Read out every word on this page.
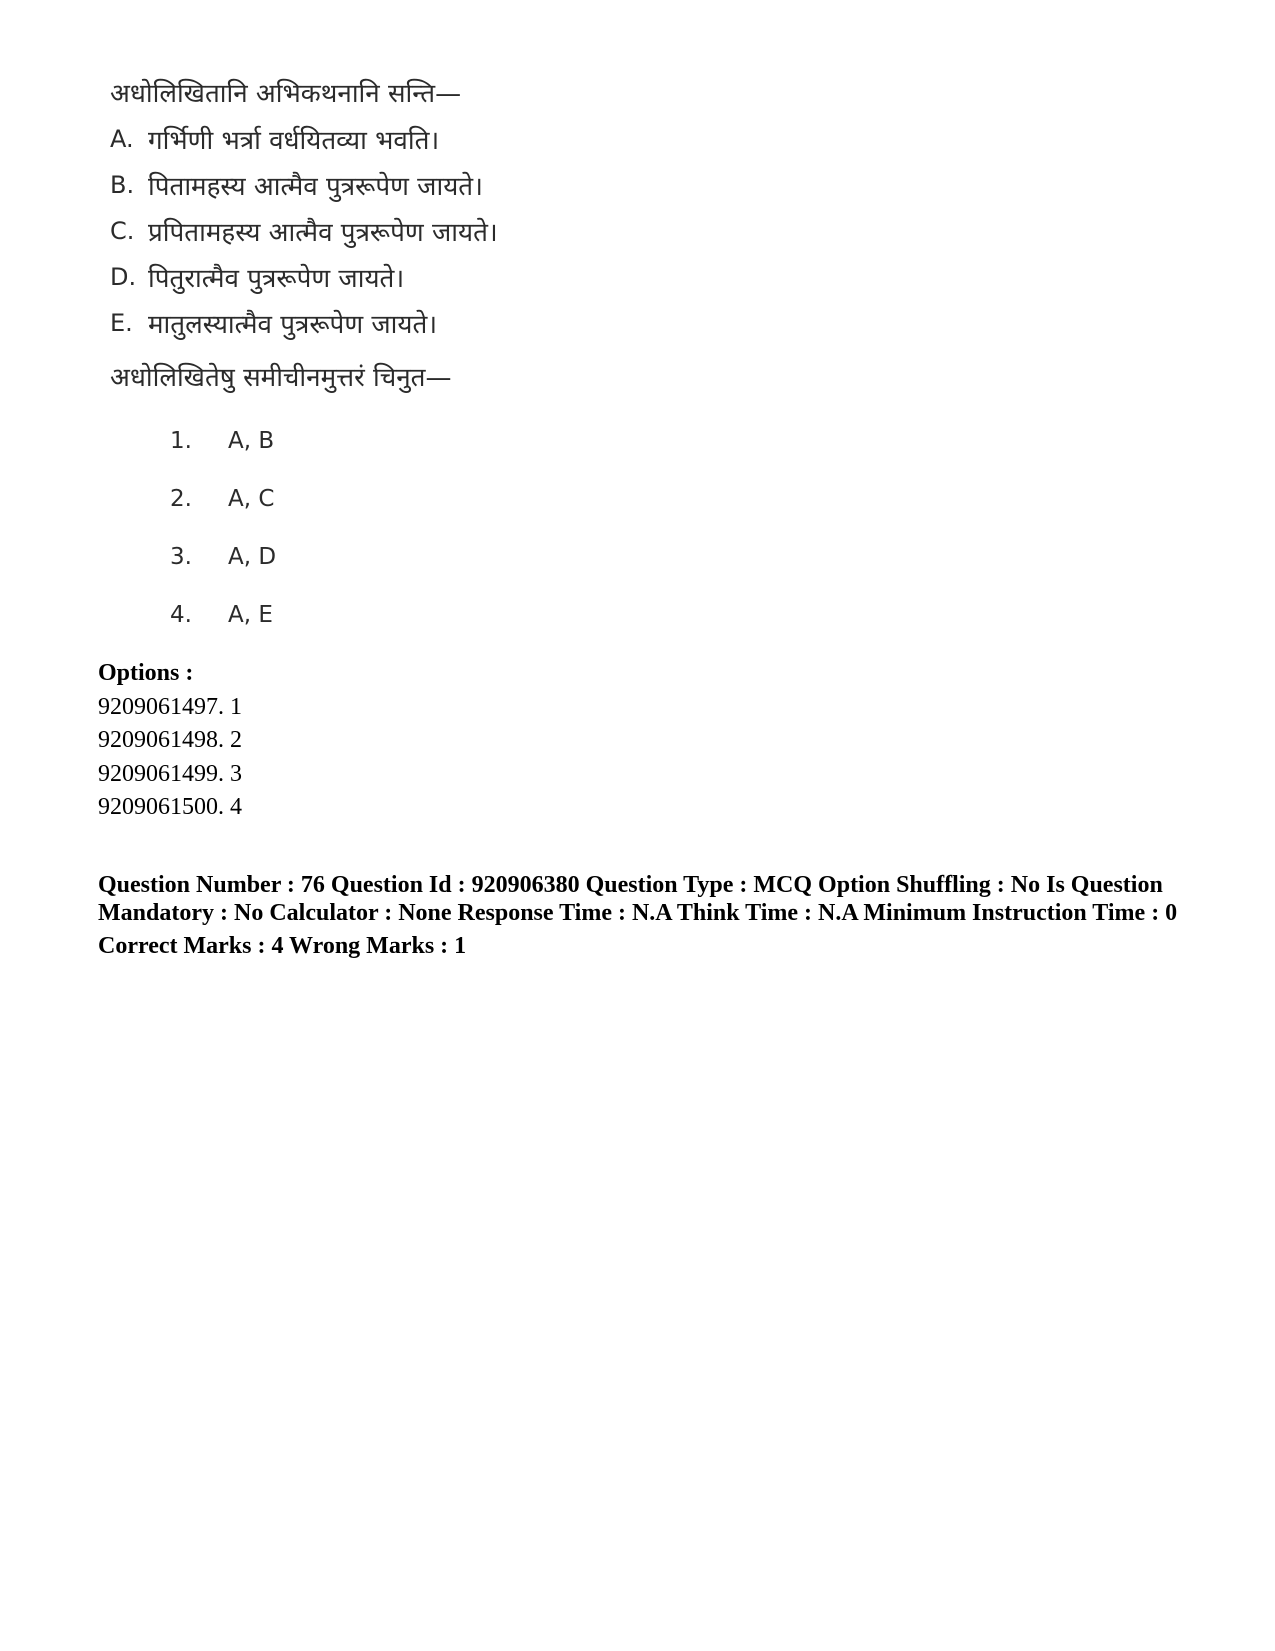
अधोलिखितानि अभिकथनानि सन्ति—
A. गर्भिणी भर्त्रा वर्धयितव्या भवति।
B. पितामहस्य आत्मैव पुत्ररूपेण जायते।
C. प्रपितामहस्य आत्मैव पुत्ररूपेण जायते।
D. पितुरात्मैव पुत्ररूपेण जायते।
E. मातुलस्यात्मैव पुत्ररूपेण जायते।
अधोलिखितेषु समीचीनमुत्तरं चिनुत—
1.	A, B
2.	A, C
3.	A, D
4.	A, E
Options :
9209061497. 1
9209061498. 2
9209061499. 3
9209061500. 4

Question Number : 76 Question Id : 920906380 Question Type : MCQ Option Shuffling : No Is Question Mandatory : No Calculator : None Response Time : N.A Think Time : N.A Minimum Instruction Time : 0

Correct Marks : 4 Wrong Marks : 1
